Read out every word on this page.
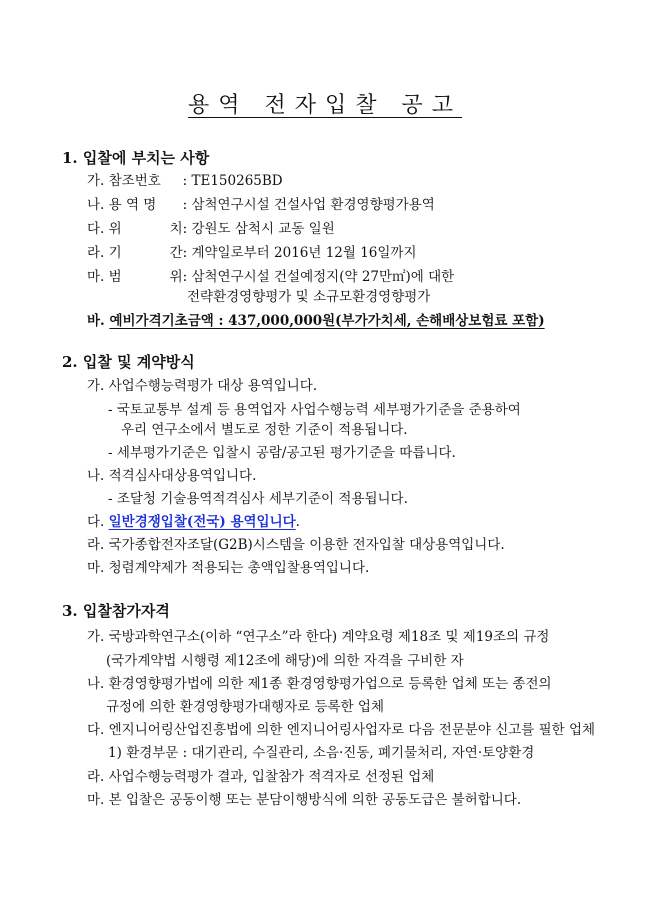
용역 전자입찰 공고
1. 입찰에 부치는 사항
가. 참조번호 : TE150265BD
나. 용 역 명 : 삼척연구시설 건설사업 환경영향평가용역
다. 위	치 : 강원도 삼척시 교동 일원
라. 기	간 : 계약일로부터 2016년 12월 16일까지
마. 범	위 : 삼척연구시설 건설예정지(약 27만㎡)에 대한
전략환경영향평가 및 소규모환경영향평가
바. 예비가격기초금액 : 437,000,000원(부가가치세, 손해배상보험료 포함)
2. 입찰 및 계약방식
가. 사업수행능력평가 대상 용역입니다.
- 국토교통부 설계 등 용역업자 사업수행능력 세부평가기준을 준용하여
우리 연구소에서 별도로 정한 기준이 적용됩니다.
- 세부평가기준은 입찰시 공람/공고된 평가기준을 따릅니다.
나. 적격심사대상용역입니다.
- 조달청 기술용역적격심사 세부기준이 적용됩니다.
다. 일반경쟁입찰(전국) 용역입니다.
라. 국가종합전자조달(G2B)시스템을 이용한 전자입찰 대상용역입니다.
마. 청렴계약제가 적용되는 총액입찰용역입니다.
3. 입찰참가자격
가. 국방과학연구소(이하 “연구소”라 한다) 계약요령 제18조 및 제19조의 규정
(국가계약법 시행령 제12조에 해당)에 의한 자격을 구비한 자
나. 환경영향평가법에 의한 제1종 환경영향평가업으로 등록한 업체 또는 종전의
규정에 의한 환경영향평가대행자로 등록한 업체
다. 엔지니어링산업진흥법에 의한 엔지니어링사업자로 다음 전문분야 신고를 필한 업체
1) 환경부문 : 대기관리, 수질관리, 소음·진동, 폐기물처리, 자연·토양환경
라. 사업수행능력평가 결과, 입찰참가 적격자로 선정된 업체
마. 본 입찰은 공동이행 또는 분담이행방식에 의한 공동도급은 불허합니다.
